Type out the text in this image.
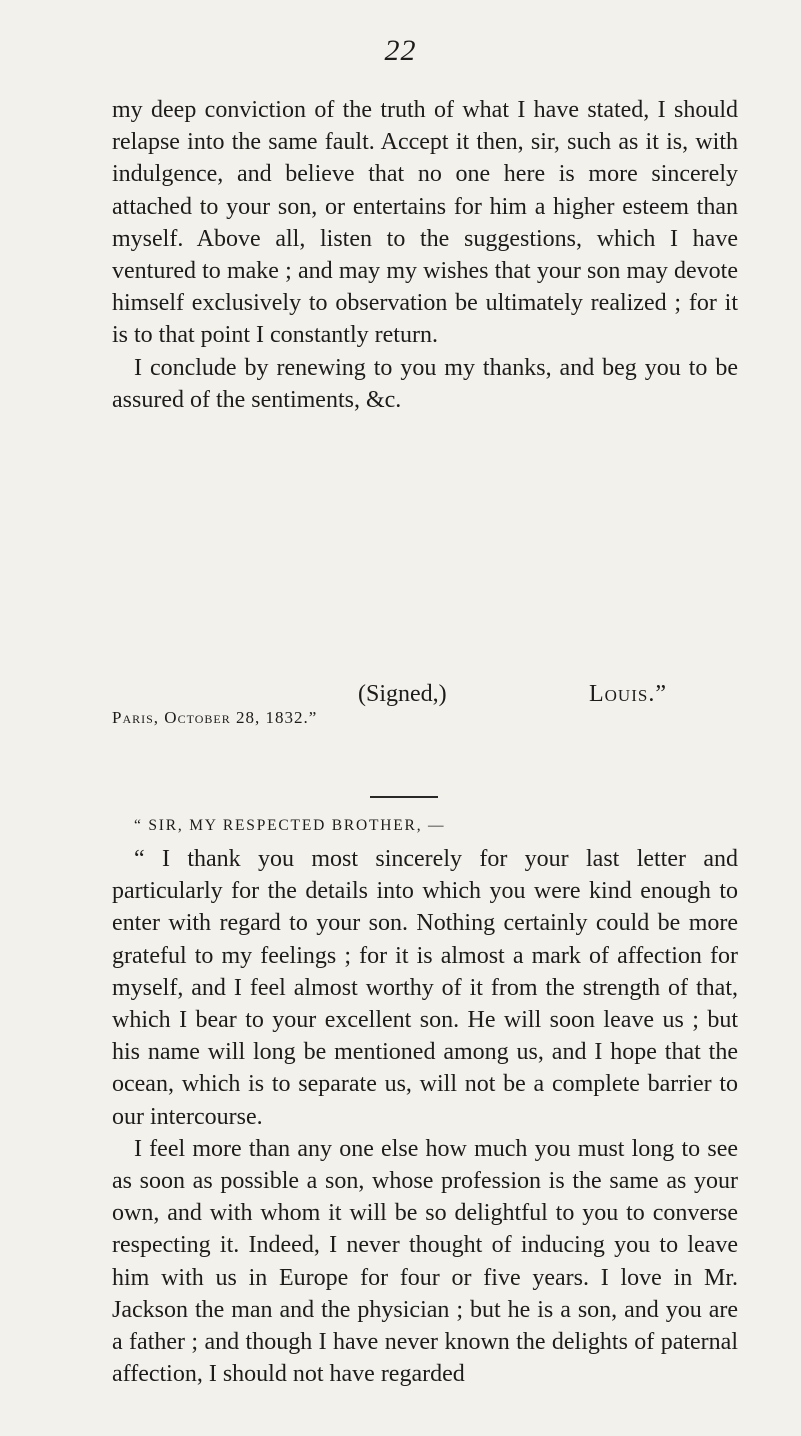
22

my deep conviction of the truth of what I have stated, I should relapse into the same fault. Accept it then, sir, such as it is, with indulgence, and believe that no one here is more sincerely attached to your son, or entertains for him a higher esteem than myself. Above all, listen to the suggestions, which I have ventured to make ; and may my wishes that your son may devote himself exclusively to observation be ultimately realized ; for it is to that point I constantly return.

I conclude by renewing to you my thanks, and beg you to be assured of the sentiments, &c.

(Signed,)	Louis.”
Paris, October 28, 1832.”
“ SIR, MY RESPECTED BROTHER, —

“ I thank you most sincerely for your last letter and particularly for the details into which you were kind enough to enter with regard to your son. Nothing certainly could be more grateful to my feelings ; for it is almost a mark of affection for myself, and I feel almost worthy of it from the strength of that, which I bear to your excellent son. He will soon leave us ; but his name will long be mentioned among us, and I hope that the ocean, which is to separate us, will not be a complete barrier to our intercourse.

I feel more than any one else how much you must long to see as soon as possible a son, whose profession is the same as your own, and with whom it will be so delightful to you to converse respecting it. Indeed, I never thought of inducing you to leave him with us in Europe for four or five years. I love in Mr. Jackson the man and the physician ; but he is a son, and you are a father ; and though I have never known the delights of paternal affection, I should not have regarded
